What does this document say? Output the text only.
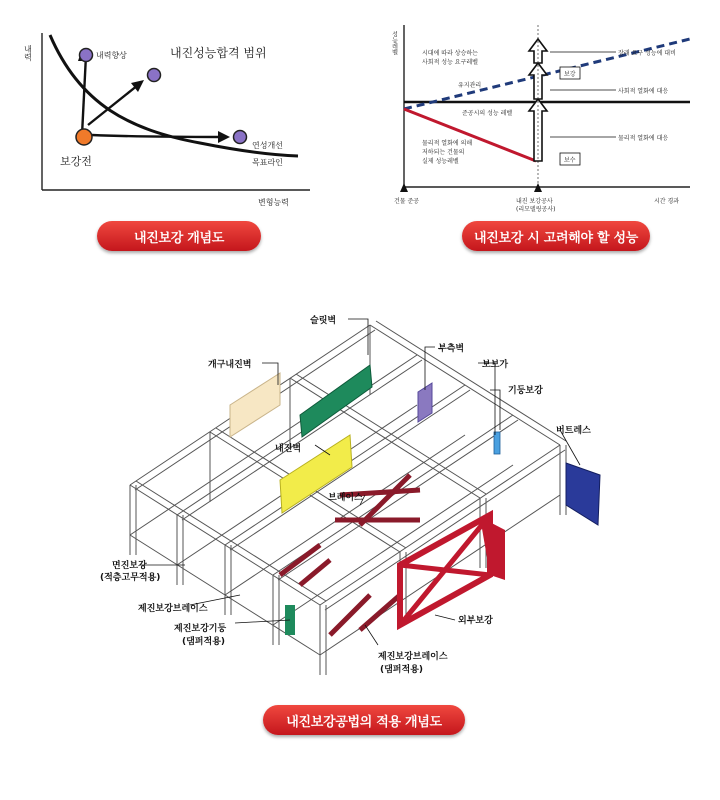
내력
변형능력
내진성능합격 범위
보강전
내력향상
연성개선
목표라인
내진보강 개념도
성능레벨	시대에 따라 상승하는
사회적 성능 요구레벨
유지관리
준공시의 성능 레벨
물리적 열화에 의해
저하되는 건물의
실제 성능레벨
장래 요구 성능에 대비
사회적 열화에 대응
물리적 열화에 대응
보강
보수
건물 준공	내진 보강공사
(리모델링공사)
시간 경과
내진보강 시 고려해야 할 성능
슬릿벽
개구내진벽
부측벽
보보가
기둥보강
버트레스
내진벽
브레이스
면진보강
(적층고무적용)
제진보강브레이스
제진보강기둥
(댐퍼적용)
외부보강
제진보강브레이스
(댐퍼적용)
내진보강공법의 적용 개념도
